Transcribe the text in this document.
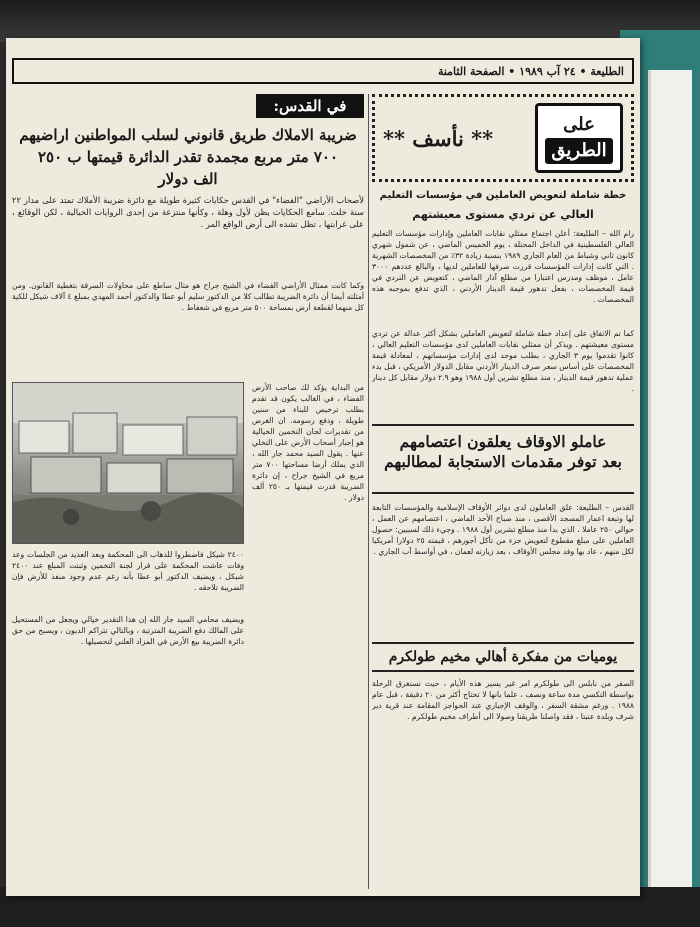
الطليعة • ٢٤ آب ١٩٨٩ • الصفحة الثامنة
على
الطريق
** نأسف **
خطة شاملة لتعويض العاملين في مؤسسات التعليم
العالي عن تردي مستوى معيشتهم
رام الله – الطليعة: أعلن اجتماع ممثلي نقابات العاملين وإدارات مؤسسات التعليم العالي الفلسطينية في الداخل المحتلة ، يوم الخميس الماضي ، عن شمول شهري كانون ثاني وشباط من العام الجاري ١٩٨٩ بنسبة زيادة ٣٢٪ من المخصصات الشهرية . التي كانت إدارات المؤسسات قررت صرفها للعاملين لديها ، والبالغ عددهم ٣٠٠٠ عامل ، موظف ومدرس اعتبارا من مطلع آذار الماضي ، كتعويض عن التردي في قيمة المخصصات ، بفعل تدهور قيمة الدينار الأردني ، الذي تدفع بموجبه هذه المخصصات .
كما تم الاتفاق على إعداد خطة شاملة لتعويض العاملين بشكل أكثر عدالة عن تردي مستوى معيشتهم . ويذكر أن ممثلي نقابات العاملين لدى مؤسسات التعليم العالي ، كانوا تقدموا يوم ٣ الجاري ، بطلب موحد لدى إدارات مؤسساتهم ، لمعادلة قيمة المخصصات على أساس سعر صرف الدينار الأردني مقابل الدولار الأمريكي ، قبل بدء عملية تدهور قيمة الدينار ، منذ مطلع تشرين أول ١٩٨٨ وهو ٢.٩ دولار مقابل كل دينار .
عاملو الاوقاف يعلقون اعتصامهم
بعد توفر مقدمات الاستجابة لمطالبهم
القدس – الطليعة: علق العاملون لدى دوائر الأوقاف الإسلامية والمؤسسات التابعة لها وتبعة اعمار المسجد الأقصى ، منذ صباح الأحد الماضي ، اعتصامهم عن العمل ، حوالي ٢٥٠ عاملا ، الذي بدأ منذ مطلع تشرين أول ١٩٨٨ . وجيء ذلك لسببين: حصول العاملين على مبلغ مقطوع لتعويض جزء من تأكل أجورهم ، قيمته ٢٥ دولارا أمريكيا لكل منهم ، عاد بها وفد مجلس الأوقاف ، بعد زيارته لعمان ، في أواسط آب الجاري .
يوميات من مفكرة أهالي مخيم طولكرم
الصفر من نابلس الى طولكرم امر غير يسير هذه الأيام ، حيث تستغرق الرحلة بواسطة التكسي مدة ساعة ونصف ، علما بانها لا تحتاج أكثر من ٢٠ دقيقة ، قبل عام ١٩٨٨ . ورغم مشقة السفر ، والوقف الإجباري عند الحواجز المقامة عند قرية دير شرف وبلدة عنبتا ، فقد واصلنا طريقنا وصولا الى أطراف مخيم طولكرم .
في القدس:
ضريبة الاملاك طريق قانوني لسلب المواطنين اراضيهم
٧٠٠ متر مربع مجمدة تقدر الدائرة قيمتها ب ٢٥٠
الف دولار
لأصحاب الأراضي "الفضاء" في القدس حكايات كثيرة طويلة مع دائرة ضريبة الأملاك تمتد على مدار ٢٢ سنة خلت. سامع الحكايات يظن لأول وهلة ، وكأنها منتزعة من إحدى الروايات الخيالية ، لكن الوقائع ، على غرابتها ، تظل تشده الى أرض الواقع المر .
وكما كانت ممثال الأراضي الفضاء في الشيخ جراح هو مثال ساطع على محاولات السرقة بتغطية القانون. ومن أمثلته أيضا أن دائرة الضريبة تطالب كلا من الدكتور سليم أبو عطا والدكتور أحمد المهدي بمبلغ ٤ آلاف شيكل للكية كل منهما لقطعة أرض بمساحة ٥٠٠ متر مربع في شعفاط .
٢٤٠٠ شيكل فاضطروا للذهاب الى المحكمة وبعد العديد من الجلسات وعد وفات عاشت المحكمة على قرار لجنة التخمين وثبتت المبلغ عند ٢٤٠٠ شيكل ، ويضيف الدكتور أبو عطا بأنه رغم عدم وجود منفذ للأرض فإن الضريبة تلاحقه .
من البداية يؤكد لك صاحب الأرض الفضاء ، في الغالب يكون قد تقدم بطلب ترخيص للبناء من سنين طويلة ، ودفع رسومه. ان الغرض من تقديرات لجان التخمين الخيالية هو إجبار أصحاب الأرض على التخلي عنها . يقول السيد محمد جار الله ، الذي يملك أرضا مساحتها ٧٠٠ متر مربع في الشيخ جراح ، إن دائرة الضريبة قدرت قيمتها بـ ٢٥٠ ألف دولار .
ويضيف محامي السيد جار الله إن هذا التقدير خيالي ويجعل من المستحيل على المالك دفع الضريبة المترتبة ، وبالتالي تتراكم الديون ، ويصبح من حق دائرة الضريبة بيع الأرض في المزاد العلني لتحصيلها .
